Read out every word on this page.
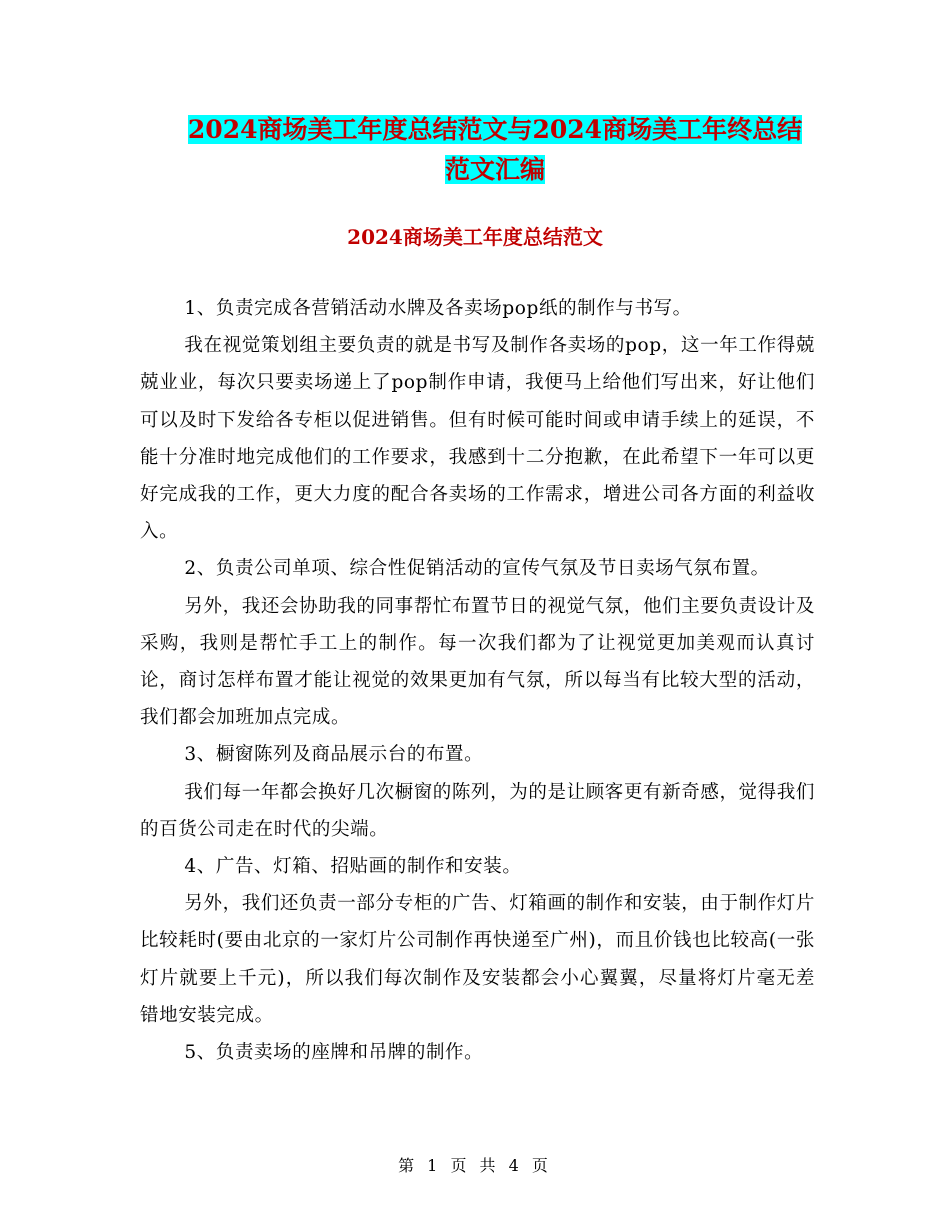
2024商场美工年度总结范文与2024商场美工年终总结
范文汇编
2024商场美工年度总结范文

1、负责完成各营销活动水牌及各卖场pop纸的制作与书写。

我在视觉策划组主要负责的就是书写及制作各卖场的pop，这一年工作得兢兢业业，每次只要卖场递上了pop制作申请，我便马上给他们写出来，好让他们可以及时下发给各专柜以促进销售。但有时候可能时间或申请手续上的延误，不能十分准时地完成他们的工作要求，我感到十二分抱歉，在此希望下一年可以更好完成我的工作，更大力度的配合各卖场的工作需求，增进公司各方面的利益收入。

2、负责公司单项、综合性促销活动的宣传气氛及节日卖场气氛布置。

另外，我还会协助我的同事帮忙布置节日的视觉气氛，他们主要负责设计及采购，我则是帮忙手工上的制作。每一次我们都为了让视觉更加美观而认真讨论，商讨怎样布置才能让视觉的效果更加有气氛，所以每当有比较大型的活动，我们都会加班加点完成。

3、橱窗陈列及商品展示台的布置。

我们每一年都会换好几次橱窗的陈列，为的是让顾客更有新奇感，觉得我们的百货公司走在时代的尖端。

4、广告、灯箱、招贴画的制作和安装。

另外，我们还负责一部分专柜的广告、灯箱画的制作和安装，由于制作灯片比较耗时(要由北京的一家灯片公司制作再快递至广州)，而且价钱也比较高(一张灯片就要上千元)，所以我们每次制作及安装都会小心翼翼，尽量将灯片毫无差错地安装完成。

5、负责卖场的座牌和吊牌的制作。

第 1 页 共 4 页
